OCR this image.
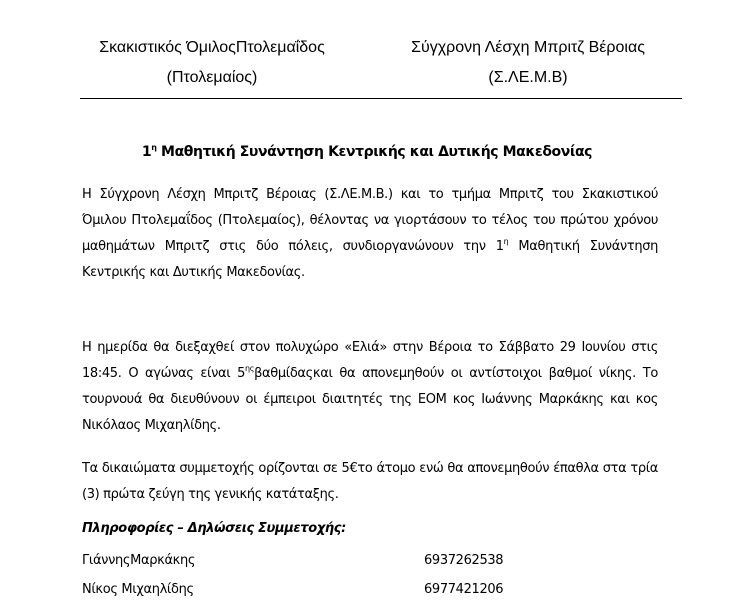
Σκακιστικός ΌμιλοςΠτολεμαΐδος
(Πτολεμαίος)
Σύγχρονη Λέσχη Μπριτζ Βέροιας
(Σ.ΛΕ.Μ.Β)
$1^\eta$ Μαθητική Συνάντηση Κεντρικής και Δυτικής Μακεδονίας
Η Σύγχρονη Λέσχη Μπριτζ Βέροιας (Σ.ΛΕ.Μ.Β.) και το τμήμα Μπριτζ του Σκακιστικού Όμιλου Πτολεμαΐδος (Πτολεμαίος), θέλοντας να γιορτάσουν το τέλος του πρώτου χρόνου μαθημάτων Μπριτζ στις δύο πόλεις, συνδιοργανώνουν την $1^\eta$ Μαθητική Συνάντηση Κεντρικής και Δυτικής Μακεδονίας.
Η ημερίδα θα διεξαχθεί στον πολυχώρο «Ελιά» στην Βέροια το Σάββατο 29 Ιουνίου στις 18:45. Ο αγώνας είναι $5^{\eta\varsigma}\beta\alpha\theta\mu ί\delta\alpha\varsigma\kappa\alpha\iota$ θα απονεμηθούν οι αντίστοιχοι βαθμοί νίκης. Το τουρνουά θα διευθύνουν οι έμπειροι διαιτητές της ΕΟΜ κος Ιωάννης Μαρκάκης και κος Νικόλαος Μιχαηλίδης.
Τα δικαιώματα συμμετοχής ορίζονται σε 5€το άτομο ενώ θα απονεμηθούν έπαθλα στα τρία (3) πρώτα ζεύγη της γενικής κατάταξης.
Πληροφορίες – Δηλώσεις Συμμετοχής:
ΓιάννηςΜαρκάκης	6937262538
Νίκος Μιχαηλίδης	6977421206
